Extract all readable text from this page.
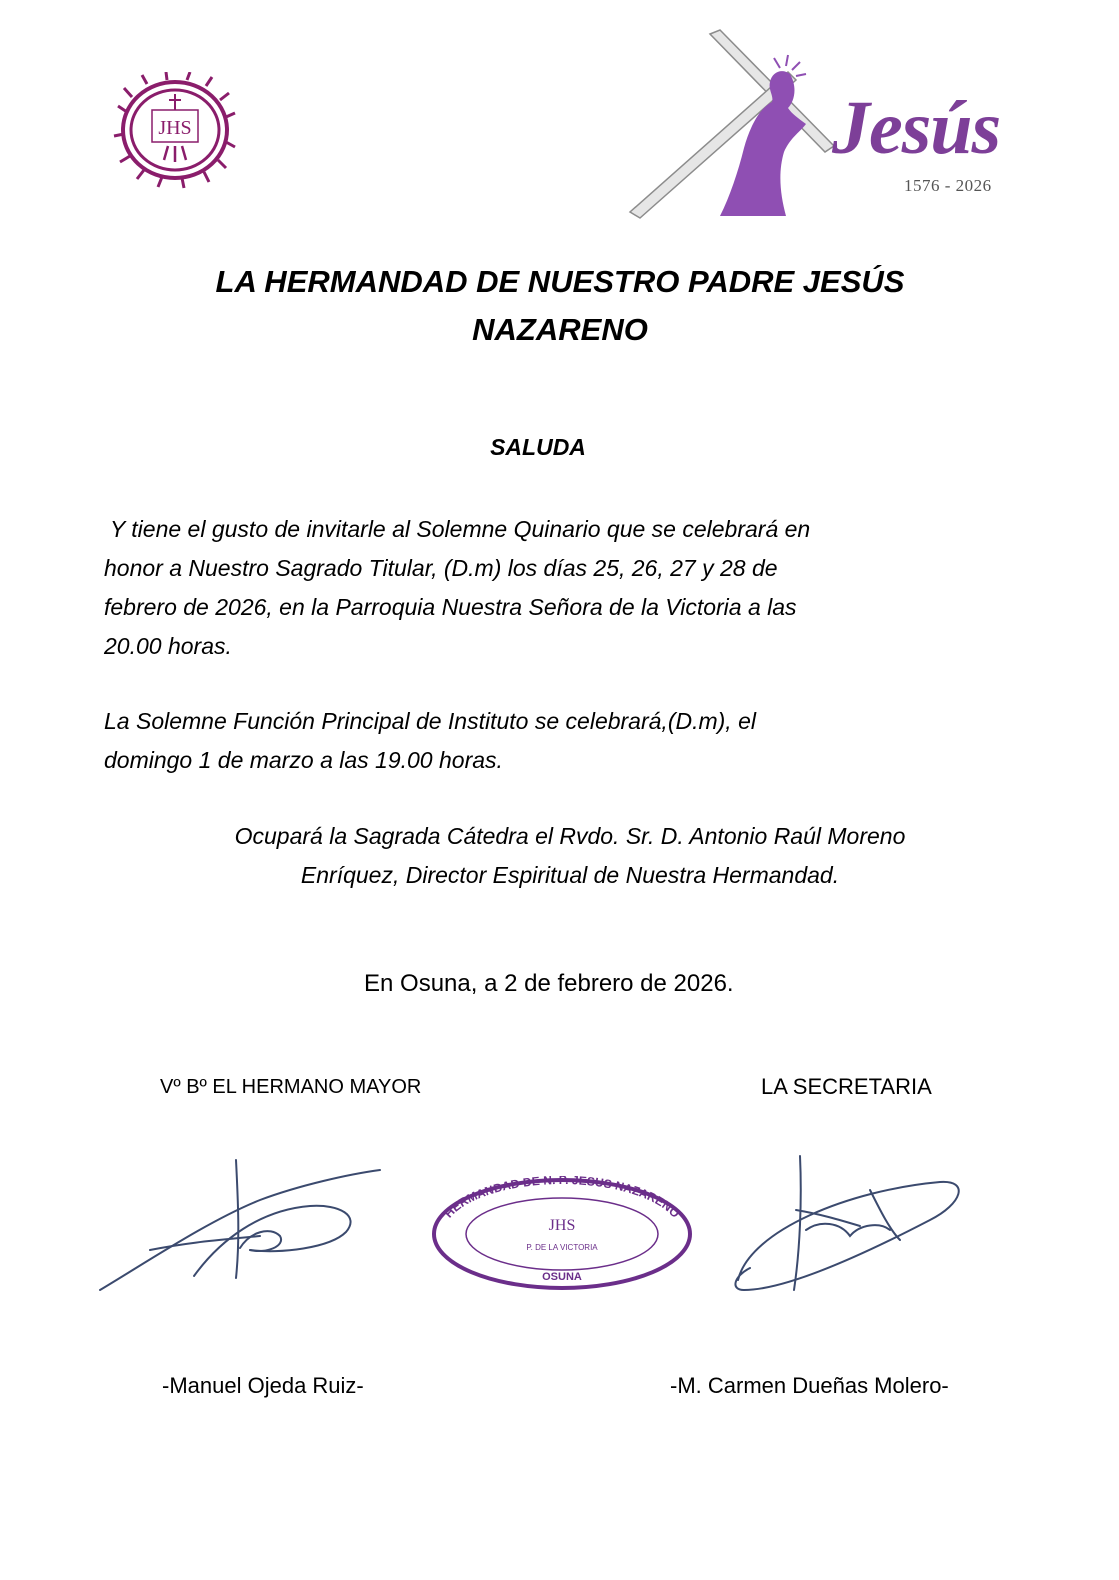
JHS	Jesús
1576 - 2026
LA HERMANDAD DE NUESTRO PADRE JESÚS
NAZARENO
SALUDA
Y tiene el gusto de invitarle al Solemne Quinario que se celebrará en
honor a Nuestro Sagrado Titular, (D.m) los días 25, 26, 27 y 28 de
febrero de 2026, en la Parroquia Nuestra Señora de la Victoria a las
20.00 horas.
La Solemne Función Principal de Instituto se celebrará,(D.m), el
domingo 1 de marzo a las 19.00 horas.
Ocupará la Sagrada Cátedra el Rvdo. Sr. D. Antonio Raúl Moreno
Enríquez, Director Espiritual de Nuestra Hermandad.
En Osuna, a 2 de febrero de 2026.
Vº Bº EL HERMANO MAYOR	LA SECRETARIA
HERMANDAD DE N. P. JESUS NAZARENO
JHS
P. DE LA VICTORIA
OSUNA
-Manuel Ojeda Ruiz-	-M. Carmen Dueñas Molero-
